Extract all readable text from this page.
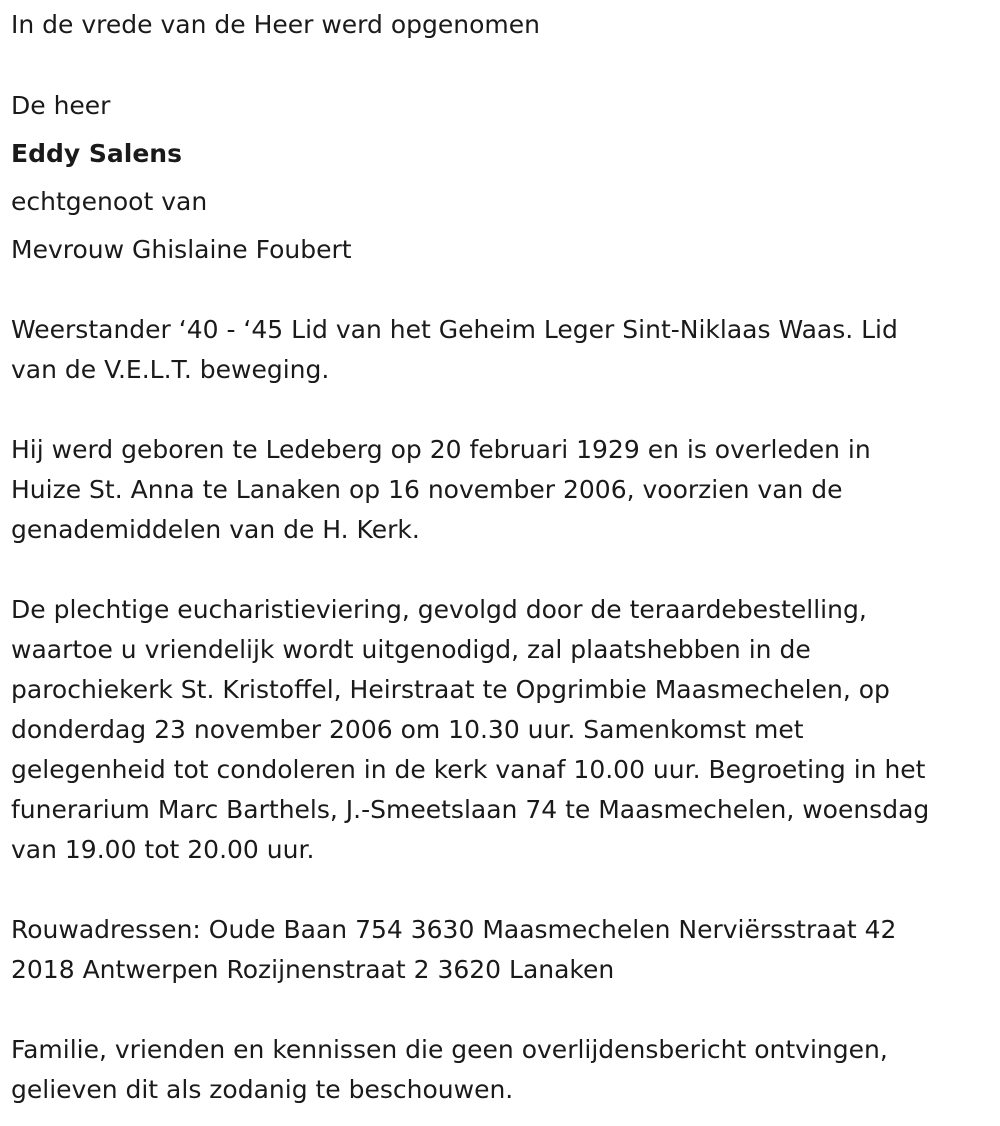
In de vrede van de Heer werd opgenomen

De heer

Eddy Salens

echtgenoot van

Mevrouw Ghislaine Foubert

Weerstander ‘40 - ‘45 Lid van het Geheim Leger Sint-Niklaas Waas. Lid
van de V.E.L.T. beweging.
Hij werd geboren te Ledeberg op 20 februari 1929 en is overleden in
Huize St. Anna te Lanaken op 16 november 2006, voorzien van de
genademiddelen van de H. Kerk.
De plechtige eucharistieviering, gevolgd door de teraardebestelling,
waartoe u vriendelijk wordt uitgenodigd, zal plaatshebben in de
parochiekerk St. Kristoffel, Heirstraat te Opgrimbie Maasmechelen, op
donderdag 23 november 2006 om 10.30 uur. Samenkomst met
gelegenheid tot condoleren in de kerk vanaf 10.00 uur. Begroeting in het
funerarium Marc Barthels, J.-Smeetslaan 74 te Maasmechelen, woensdag
van 19.00 tot 20.00 uur.
Rouwadressen: Oude Baan 754 3630 Maasmechelen Nerviërsstraat 42
2018 Antwerpen Rozijnenstraat 2 3620 Lanaken
Familie, vrienden en kennissen die geen overlijdensbericht ontvingen,
gelieven dit als zodanig te beschouwen.
